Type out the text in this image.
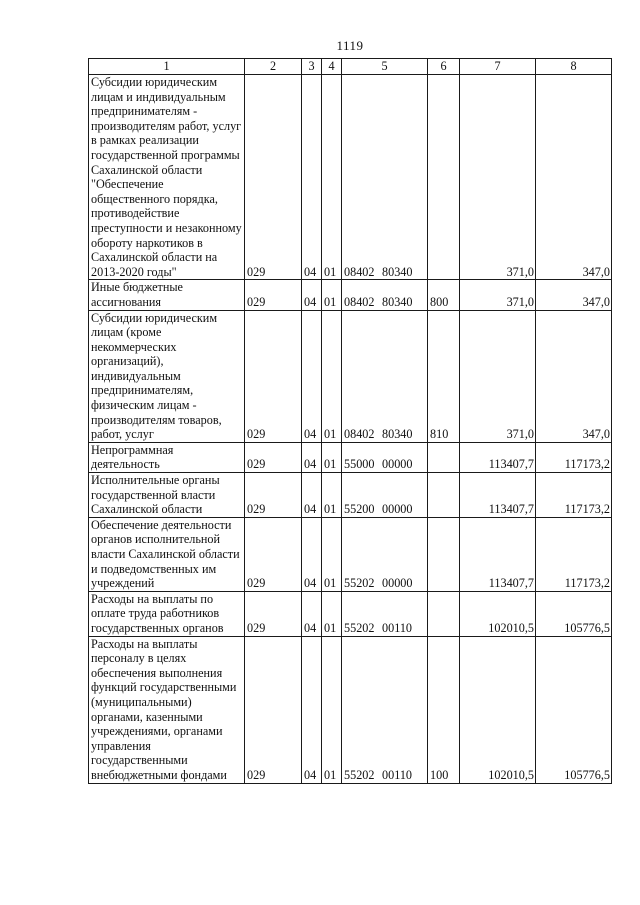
1119
1	2	3	4	5	6	7	8
Субсидии юридическим лицам и индивидуальным предпринимателям - производителям работ, услуг в рамках реализации государственной программы Сахалинской области "Обеспечение общественного порядка, противодействие преступности и незаконному обороту наркотиков в Сахалинской области на 2013-2020 годы"	029	04	01	08402 80340		371,0	347,0
Иные бюджетные ассигнования	029	04	01	08402 80340	800	371,0	347,0
Субсидии юридическим лицам (кроме некоммерческих организаций), индивидуальным предпринимателям, физическим лицам - производителям товаров, работ, услуг	029	04	01	08402 80340	810	371,0	347,0
Непрограммная деятельность	029	04	01	55000 00000		113407,7	117173,2
Исполнительные органы государственной власти Сахалинской области	029	04	01	55200 00000		113407,7	117173,2
Обеспечение деятельности органов исполнительной власти Сахалинской области и подведомственных им учреждений	029	04	01	55202 00000		113407,7	117173,2
Расходы на выплаты по оплате труда работников государственных органов	029	04	01	55202 00110		102010,5	105776,5
Расходы на выплаты персоналу в целях обеспечения выполнения функций государственными (муниципальными) органами, казенными учреждениями, органами управления государственными внебюджетными фондами	029	04	01	55202 00110	100	102010,5	105776,5
